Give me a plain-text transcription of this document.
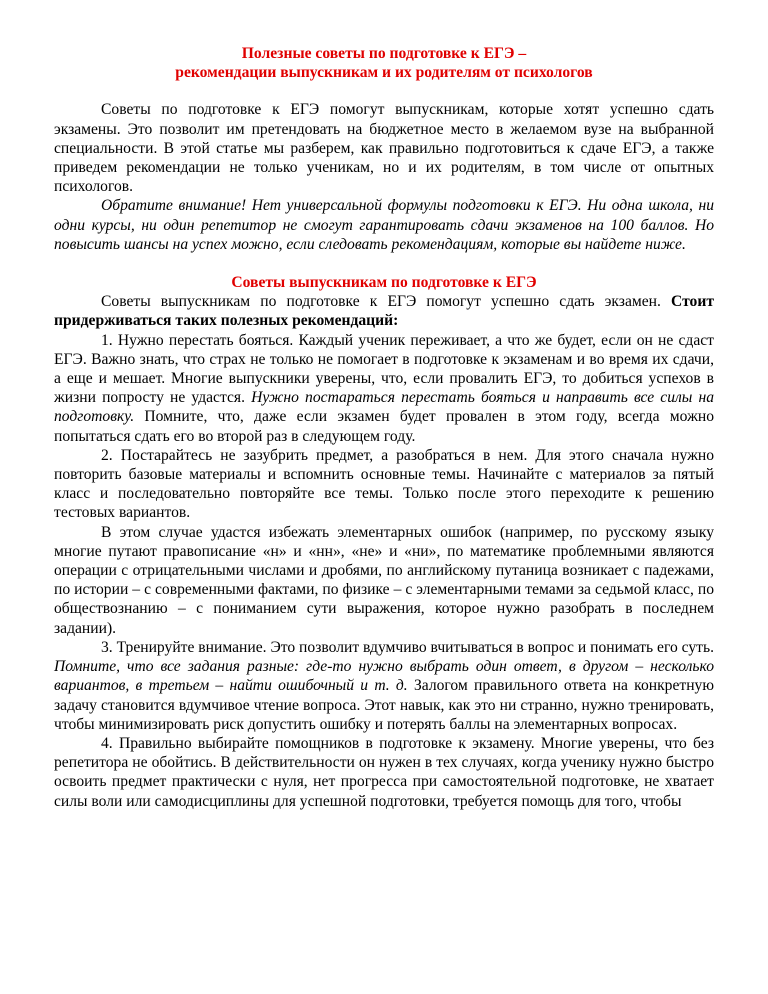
Полезные советы по подготовке к ЕГЭ –
рекомендации выпускникам и их родителям от психологов

Советы по подготовке к ЕГЭ помогут выпускникам, которые хотят успешно сдать экзамены. Это позволит им претендовать на бюджетное место в желаемом вузе на выбранной специальности. В этой статье мы разберем, как правильно подготовиться к сдаче ЕГЭ, а также приведем рекомендации не только ученикам, но и их родителям, в том числе от опытных психологов.

Обратите внимание! Нет универсальной формулы подготовки к ЕГЭ. Ни одна школа, ни одни курсы, ни один репетитор не смогут гарантировать сдачи экзаменов на 100 баллов. Но повысить шансы на успех можно, если следовать рекомендациям, которые вы найдете ниже.

Советы выпускникам по подготовке к ЕГЭ

Советы выпускникам по подготовке к ЕГЭ помогут успешно сдать экзамен. Стоит придерживаться таких полезных рекомендаций:

1. Нужно перестать бояться. Каждый ученик переживает, а что же будет, если он не сдаст ЕГЭ. Важно знать, что страх не только не помогает в подготовке к экзаменам и во время их сдачи, а еще и мешает. Многие выпускники уверены, что, если провалить ЕГЭ, то добиться успехов в жизни попросту не удастся. Нужно постараться перестать бояться и направить все силы на подготовку. Помните, что, даже если экзамен будет провален в этом году, всегда можно попытаться сдать его во второй раз в следующем году.

2. Постарайтесь не зазубрить предмет, а разобраться в нем. Для этого сначала нужно повторить базовые материалы и вспомнить основные темы. Начинайте с материалов за пятый класс и последовательно повторяйте все темы. Только после этого переходите к решению тестовых вариантов.

В этом случае удастся избежать элементарных ошибок (например, по русскому языку многие путают правописание «н» и «нн», «не» и «ни», по математике проблемными являются операции с отрицательными числами и дробями, по английскому путаница возникает с падежами, по истории – с современными фактами, по физике – с элементарными темами за седьмой класс, по обществознанию – с пониманием сути выражения, которое нужно разобрать в последнем задании).

3. Тренируйте внимание. Это позволит вдумчиво вчитываться в вопрос и понимать его суть. Помните, что все задания разные: где-то нужно выбрать один ответ, в другом – несколько вариантов, в третьем – найти ошибочный и т. д. Залогом правильного ответа на конкретную задачу становится вдумчивое чтение вопроса. Этот навык, как это ни странно, нужно тренировать, чтобы минимизировать риск допустить ошибку и потерять баллы на элементарных вопросах.

4. Правильно выбирайте помощников в подготовке к экзамену. Многие уверены, что без репетитора не обойтись. В действительности он нужен в тех случаях, когда ученику нужно быстро освоить предмет практически с нуля, нет прогресса при самостоятельной подготовке, не хватает силы воли или самодисциплины для успешной подготовки, требуется помощь для того, чтобы
